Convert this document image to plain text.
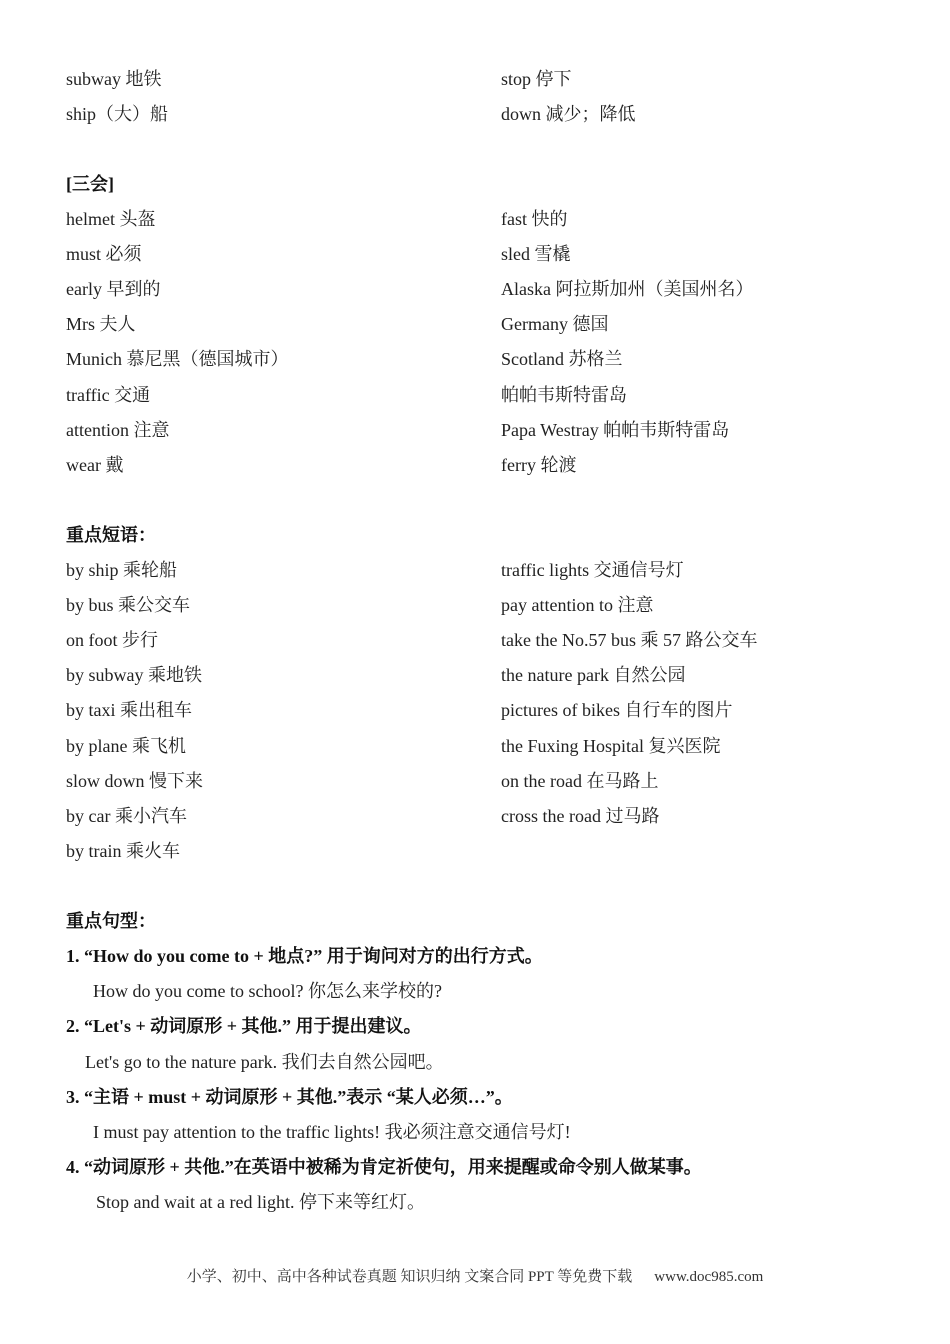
subway 地铁
ship（大）船
stop 停下
down 减少；降低
[三会]
helmet 头盔
must 必须
early 早到的
Mrs 夫人
Munich 慕尼黑（德国城市）
traffic 交通
attention 注意
wear 戴
fast 快的
sled 雪橇
Alaska 阿拉斯加州（美国州名）
Germany 德国
Scotland 苏格兰
帕帕韦斯特雷岛
Papa Westray 帕帕韦斯特雷岛
ferry 轮渡
重点短语：
by ship 乘轮船
by bus 乘公交车
on foot 步行
by subway 乘地铁
by taxi 乘出租车
by plane 乘飞机
slow down 慢下来
by car 乘小汽车
by train 乘火车
traffic lights 交通信号灯
pay attention to 注意
take the No.57 bus 乘 57 路公交车
the nature park 自然公园
pictures of bikes 自行车的图片
the Fuxing Hospital 复兴医院
on the road 在马路上
cross the road 过马路
重点句型：
1. “How do you come to + 地点?” 用于询问对方的出行方式。
How do you come to school? 你怎么来学校的?
2. “Let's + 动词原形 + 其他.” 用于提出建议。
Let's go to the nature park. 我们去自然公园吧。
3. “主语 + must + 动词原形 + 其他.”表示 “某人必须…”。
I must pay attention to the traffic lights! 我必须注意交通信号灯!
4. “动词原形 + 共他.”在英语中被稀为肯定祈使句，用来提醒或命令别人做某事。
Stop and wait at a red light. 停下来等红灯。
小学、初中、高中各种试卷真题 知识归纳 文案合同 PPT 等免费下载 www.doc985.com
